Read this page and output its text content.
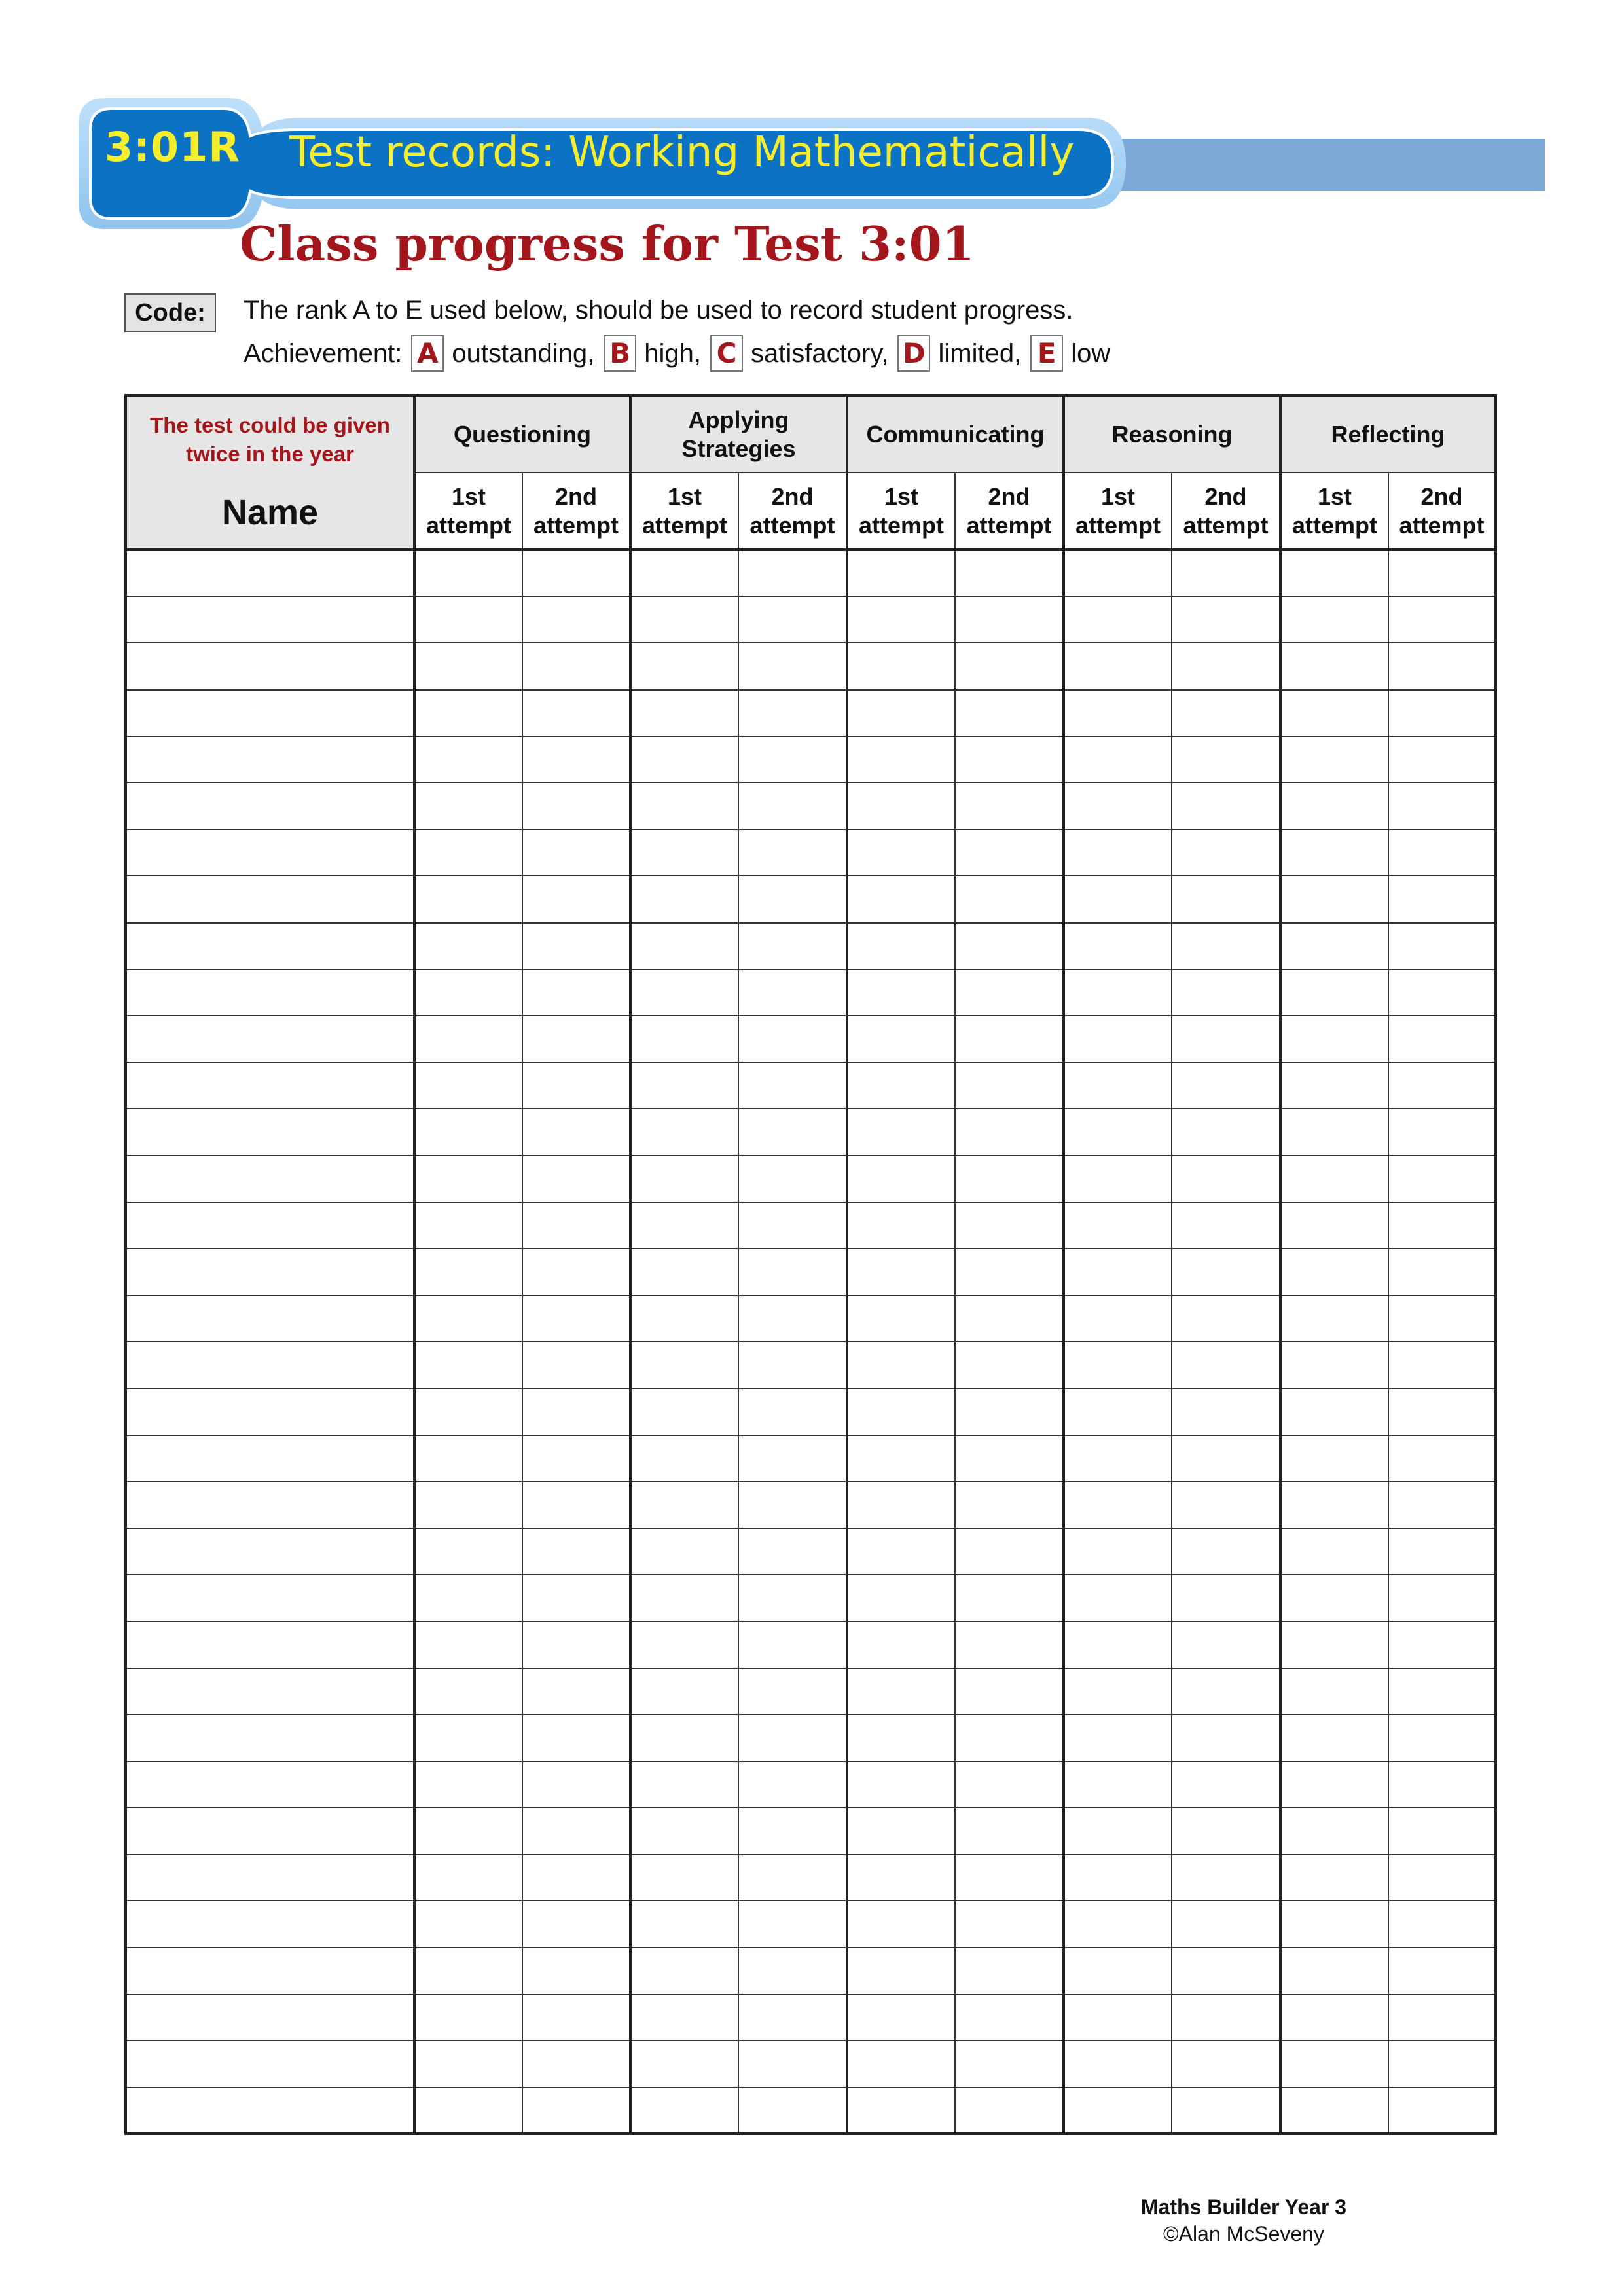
3:01R Test records: Working Mathematically
Class progress for Test 3:01
Code:	The rank A to E used below, should be used to record student progress.
Achievement: A outstanding, B high, C satisfactory, D limited, E low
The test could be given twice in the year
Name	Questioning		Applying Strategies		Communicating		Reasoning		Reflecting	
	1st attempt	2nd attempt	1st attempt	2nd attempt	1st attempt	2nd attempt	1st attempt	2nd attempt	1st attempt	2nd attempt

Maths Builder Year 3
©Alan McSeveny
